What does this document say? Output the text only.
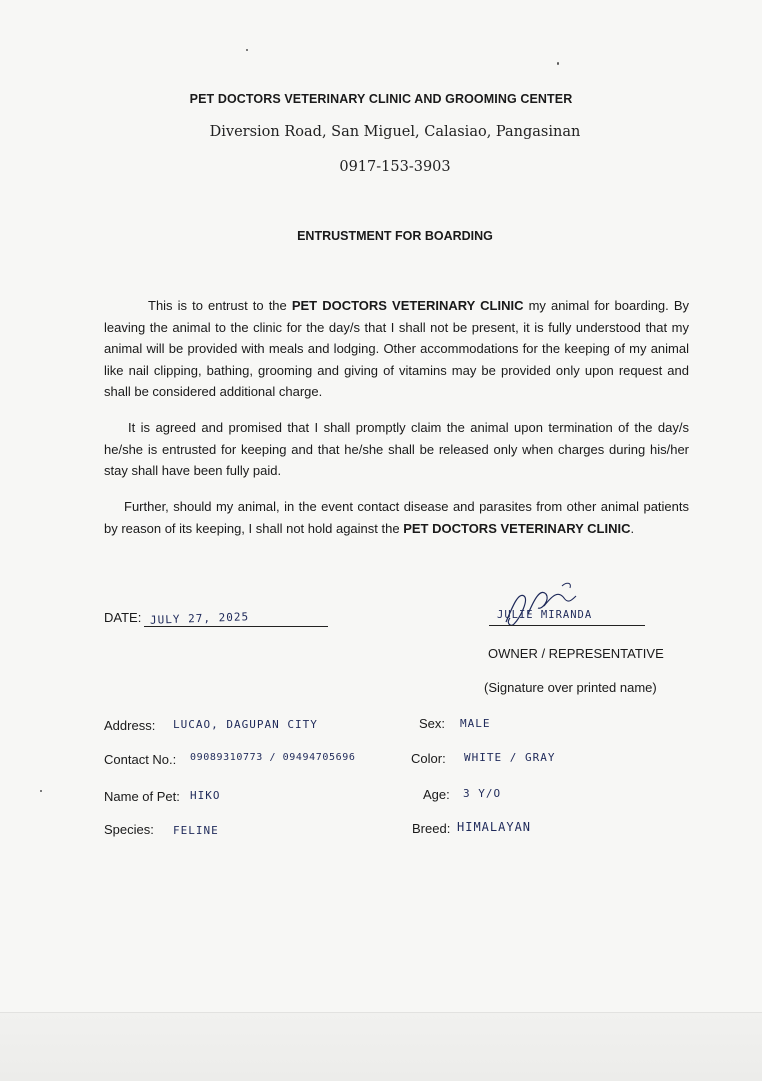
PET DOCTORS VETERINARY CLINIC AND GROOMING CENTER
Diversion Road, San Miguel, Calasiao, Pangasinan
0917-153-3903
ENTRUSTMENT FOR BOARDING
This is to entrust to the PET DOCTORS VETERINARY CLINIC my animal for boarding. By leaving the animal to the clinic for the day/s that I shall not be present, it is fully understood that my animal will be provided with meals and lodging. Other accommodations for the keeping of my animal like nail clipping, bathing, grooming and giving of vitamins may be provided only upon request and shall be considered additional charge.
It is agreed and promised that I shall promptly claim the animal upon termination of the day/s he/she is entrusted for keeping and that he/she shall be released only when charges during his/her stay shall have been fully paid.
Further, should my animal, in the event contact disease and parasites from other animal patients by reason of its keeping, I shall not hold against the PET DOCTORS VETERINARY CLINIC.
DATE: JULY 27, 2025	JULIE MIRANDA
OWNER / REPRESENTATIVE
(Signature over printed name)
Address: LUCAO, DAGUPAN CITY	Sex: MALE
Contact No.: 09089310773 / 09494705696	Color: WHITE / GRAY
Name of Pet: HIKO	Age: 3 Y/O
Species: FELINE	Breed: HIMALAYAN
